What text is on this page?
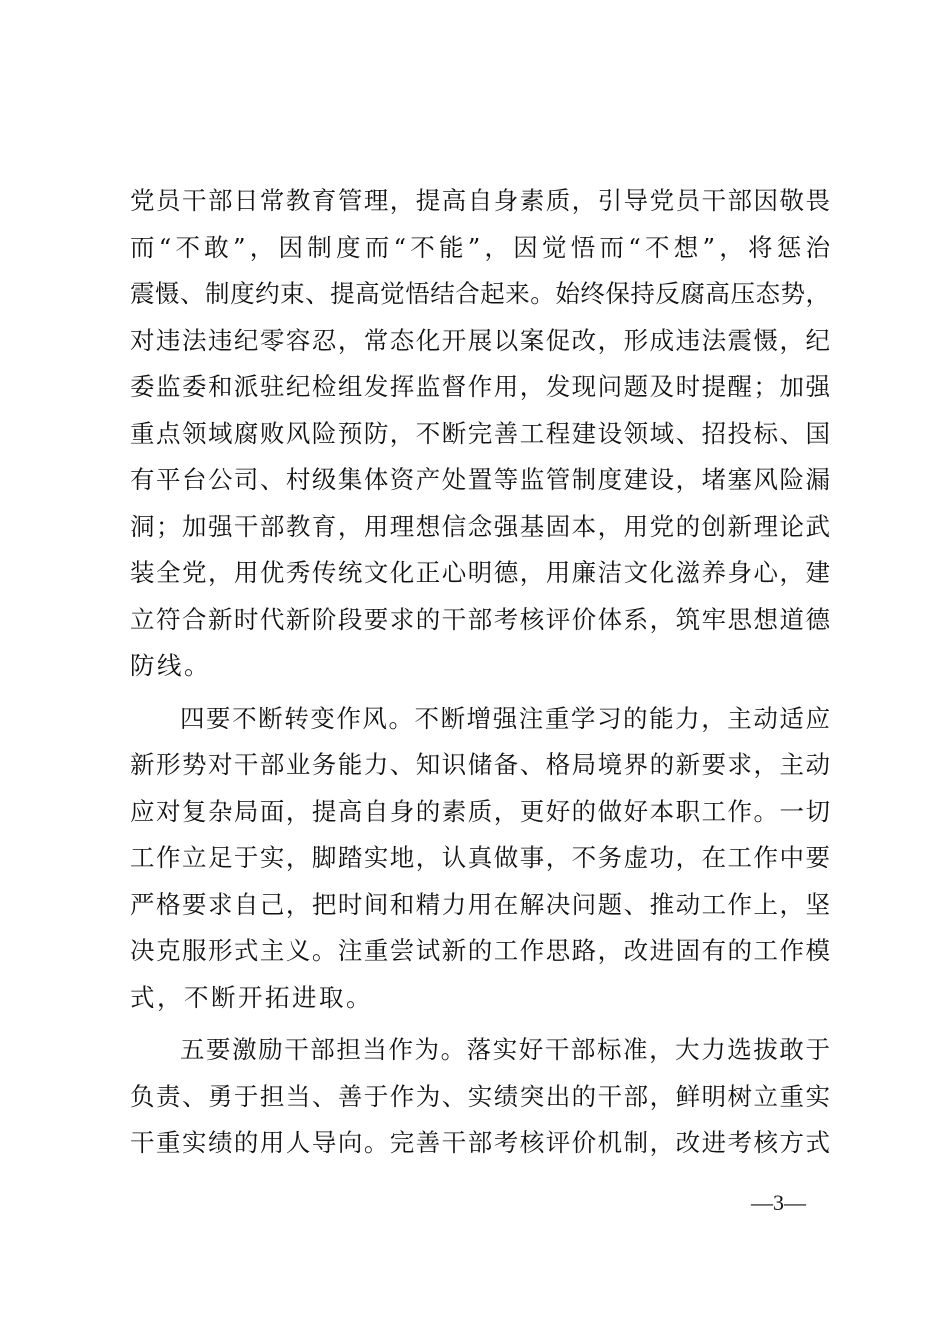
党员干部日常教育管理，提高自身素质，引导党员干部因敬畏
而“不敢”，因制度而“不能”，因觉悟而“不想”，将惩治
震慑、制度约束、提高觉悟结合起来。始终保持反腐高压态势，
对违法违纪零容忍，常态化开展以案促改，形成违法震慑，纪
委监委和派驻纪检组发挥监督作用，发现问题及时提醒；加强
重点领域腐败风险预防，不断完善工程建设领域、招投标、国
有平台公司、村级集体资产处置等监管制度建设，堵塞风险漏
洞；加强干部教育，用理想信念强基固本，用党的创新理论武
装全党，用优秀传统文化正心明德，用廉洁文化滋养身心，建
立符合新时代新阶段要求的干部考核评价体系，筑牢思想道德
防线。
四要不断转变作风。不断增强注重学习的能力，主动适应
新形势对干部业务能力、知识储备、格局境界的新要求，主动
应对复杂局面，提高自身的素质，更好的做好本职工作。一切
工作立足于实，脚踏实地，认真做事，不务虚功，在工作中要
严格要求自己，把时间和精力用在解决问题、推动工作上，坚
决克服形式主义。注重尝试新的工作思路，改进固有的工作模
式，不断开拓进取。
五要激励干部担当作为。落实好干部标准，大力选拔敢于
负责、勇于担当、善于作为、实绩突出的干部，鲜明树立重实
干重实绩的用人导向。完善干部考核评价机制，改进考核方式
—3—
